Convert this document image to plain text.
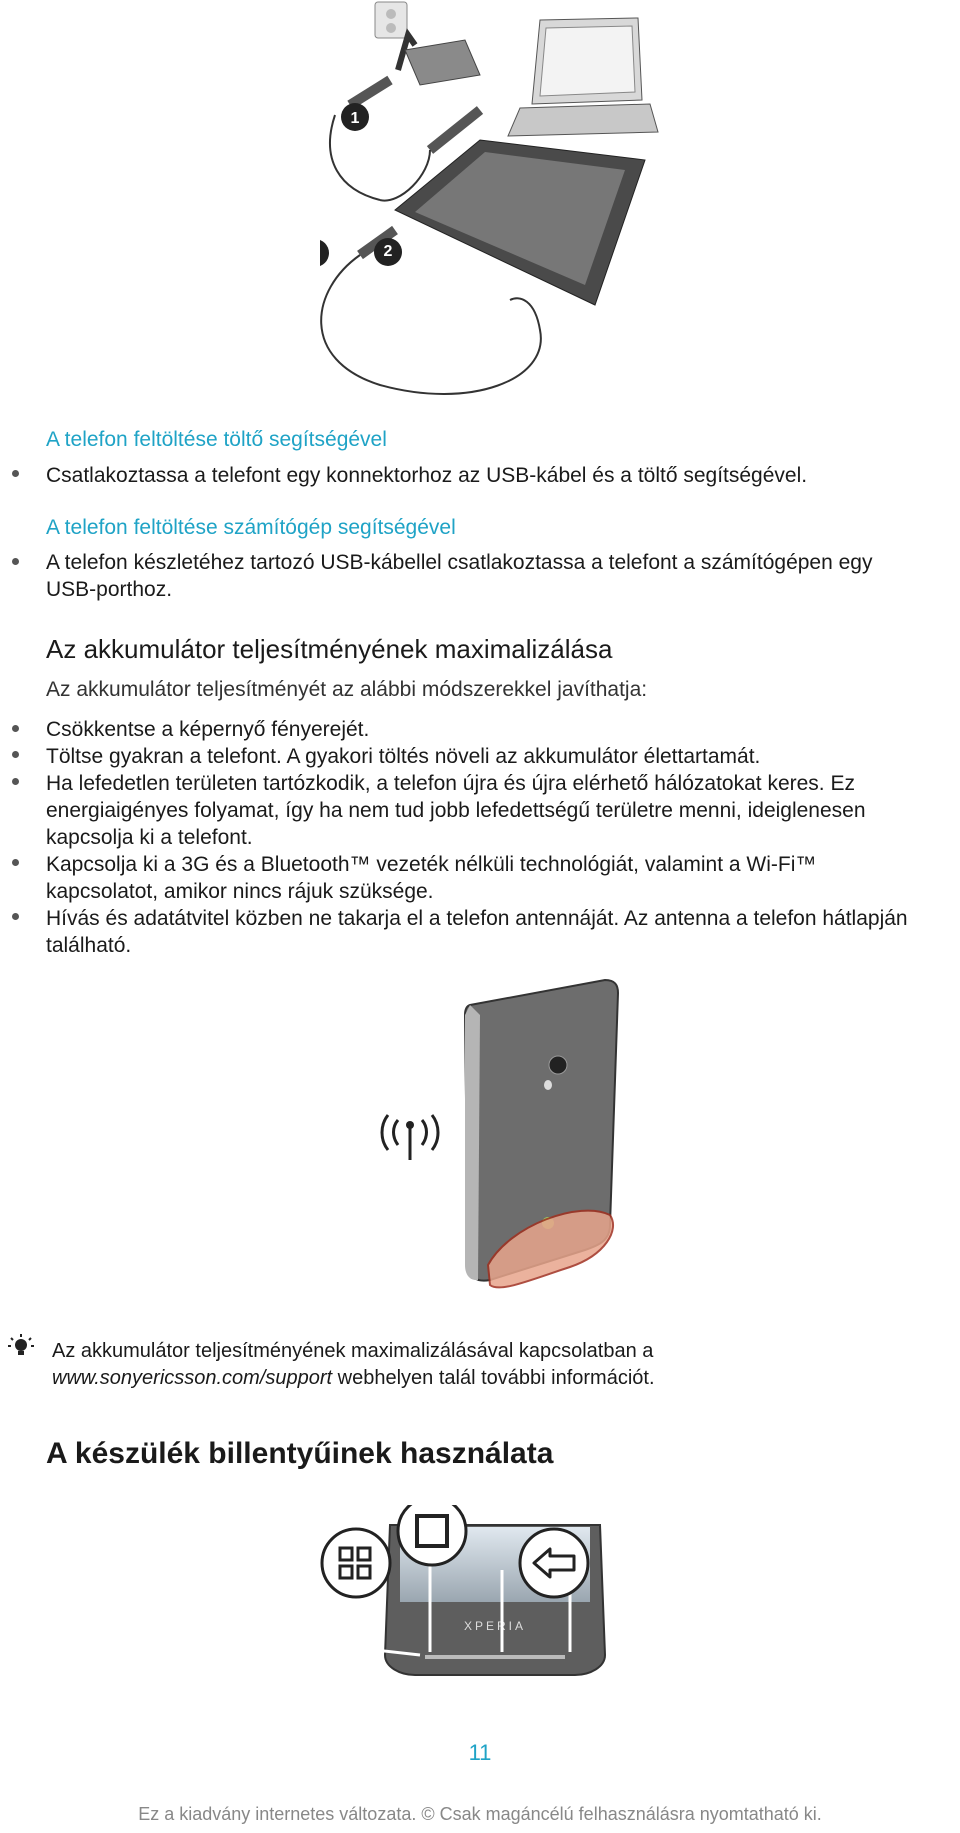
1
2
A telefon feltöltése töltő segítségével
Csatlakoztassa a telefont egy konnektorhoz az USB-kábel és a töltő segítségével.
A telefon feltöltése számítógép segítségével
A telefon készletéhez tartozó USB-kábellel csatlakoztassa a telefont a számítógépen egy USB-porthoz.
Az akkumulátor teljesítményének maximalizálása
Az akkumulátor teljesítményét az alábbi módszerekkel javíthatja:
Csökkentse a képernyő fényerejét.
Töltse gyakran a telefont. A gyakori töltés növeli az akkumulátor élettartamát.
Ha lefedetlen területen tartózkodik, a telefon újra és újra elérhető hálózatokat keres. Ez energiaigényes folyamat, így ha nem tud jobb lefedettségű területre menni, ideiglenesen kapcsolja ki a telefont.
Kapcsolja ki a 3G és a Bluetooth™ vezeték nélküli technológiát, valamint a Wi-Fi™ kapcsolatot, amikor nincs rájuk szüksége.
Hívás és adatátvitel közben ne takarja el a telefon antennáját. Az antenna a telefon hátlapján található.
Az akkumulátor teljesítményének maximalizálásával kapcsolatban a
www.sonyericsson.com/support webhelyen talál további információt.
A készülék billentyűinek használata
XPERIA
11
Ez a kiadvány internetes változata. © Csak magáncélú felhasználásra nyomtatható ki.
